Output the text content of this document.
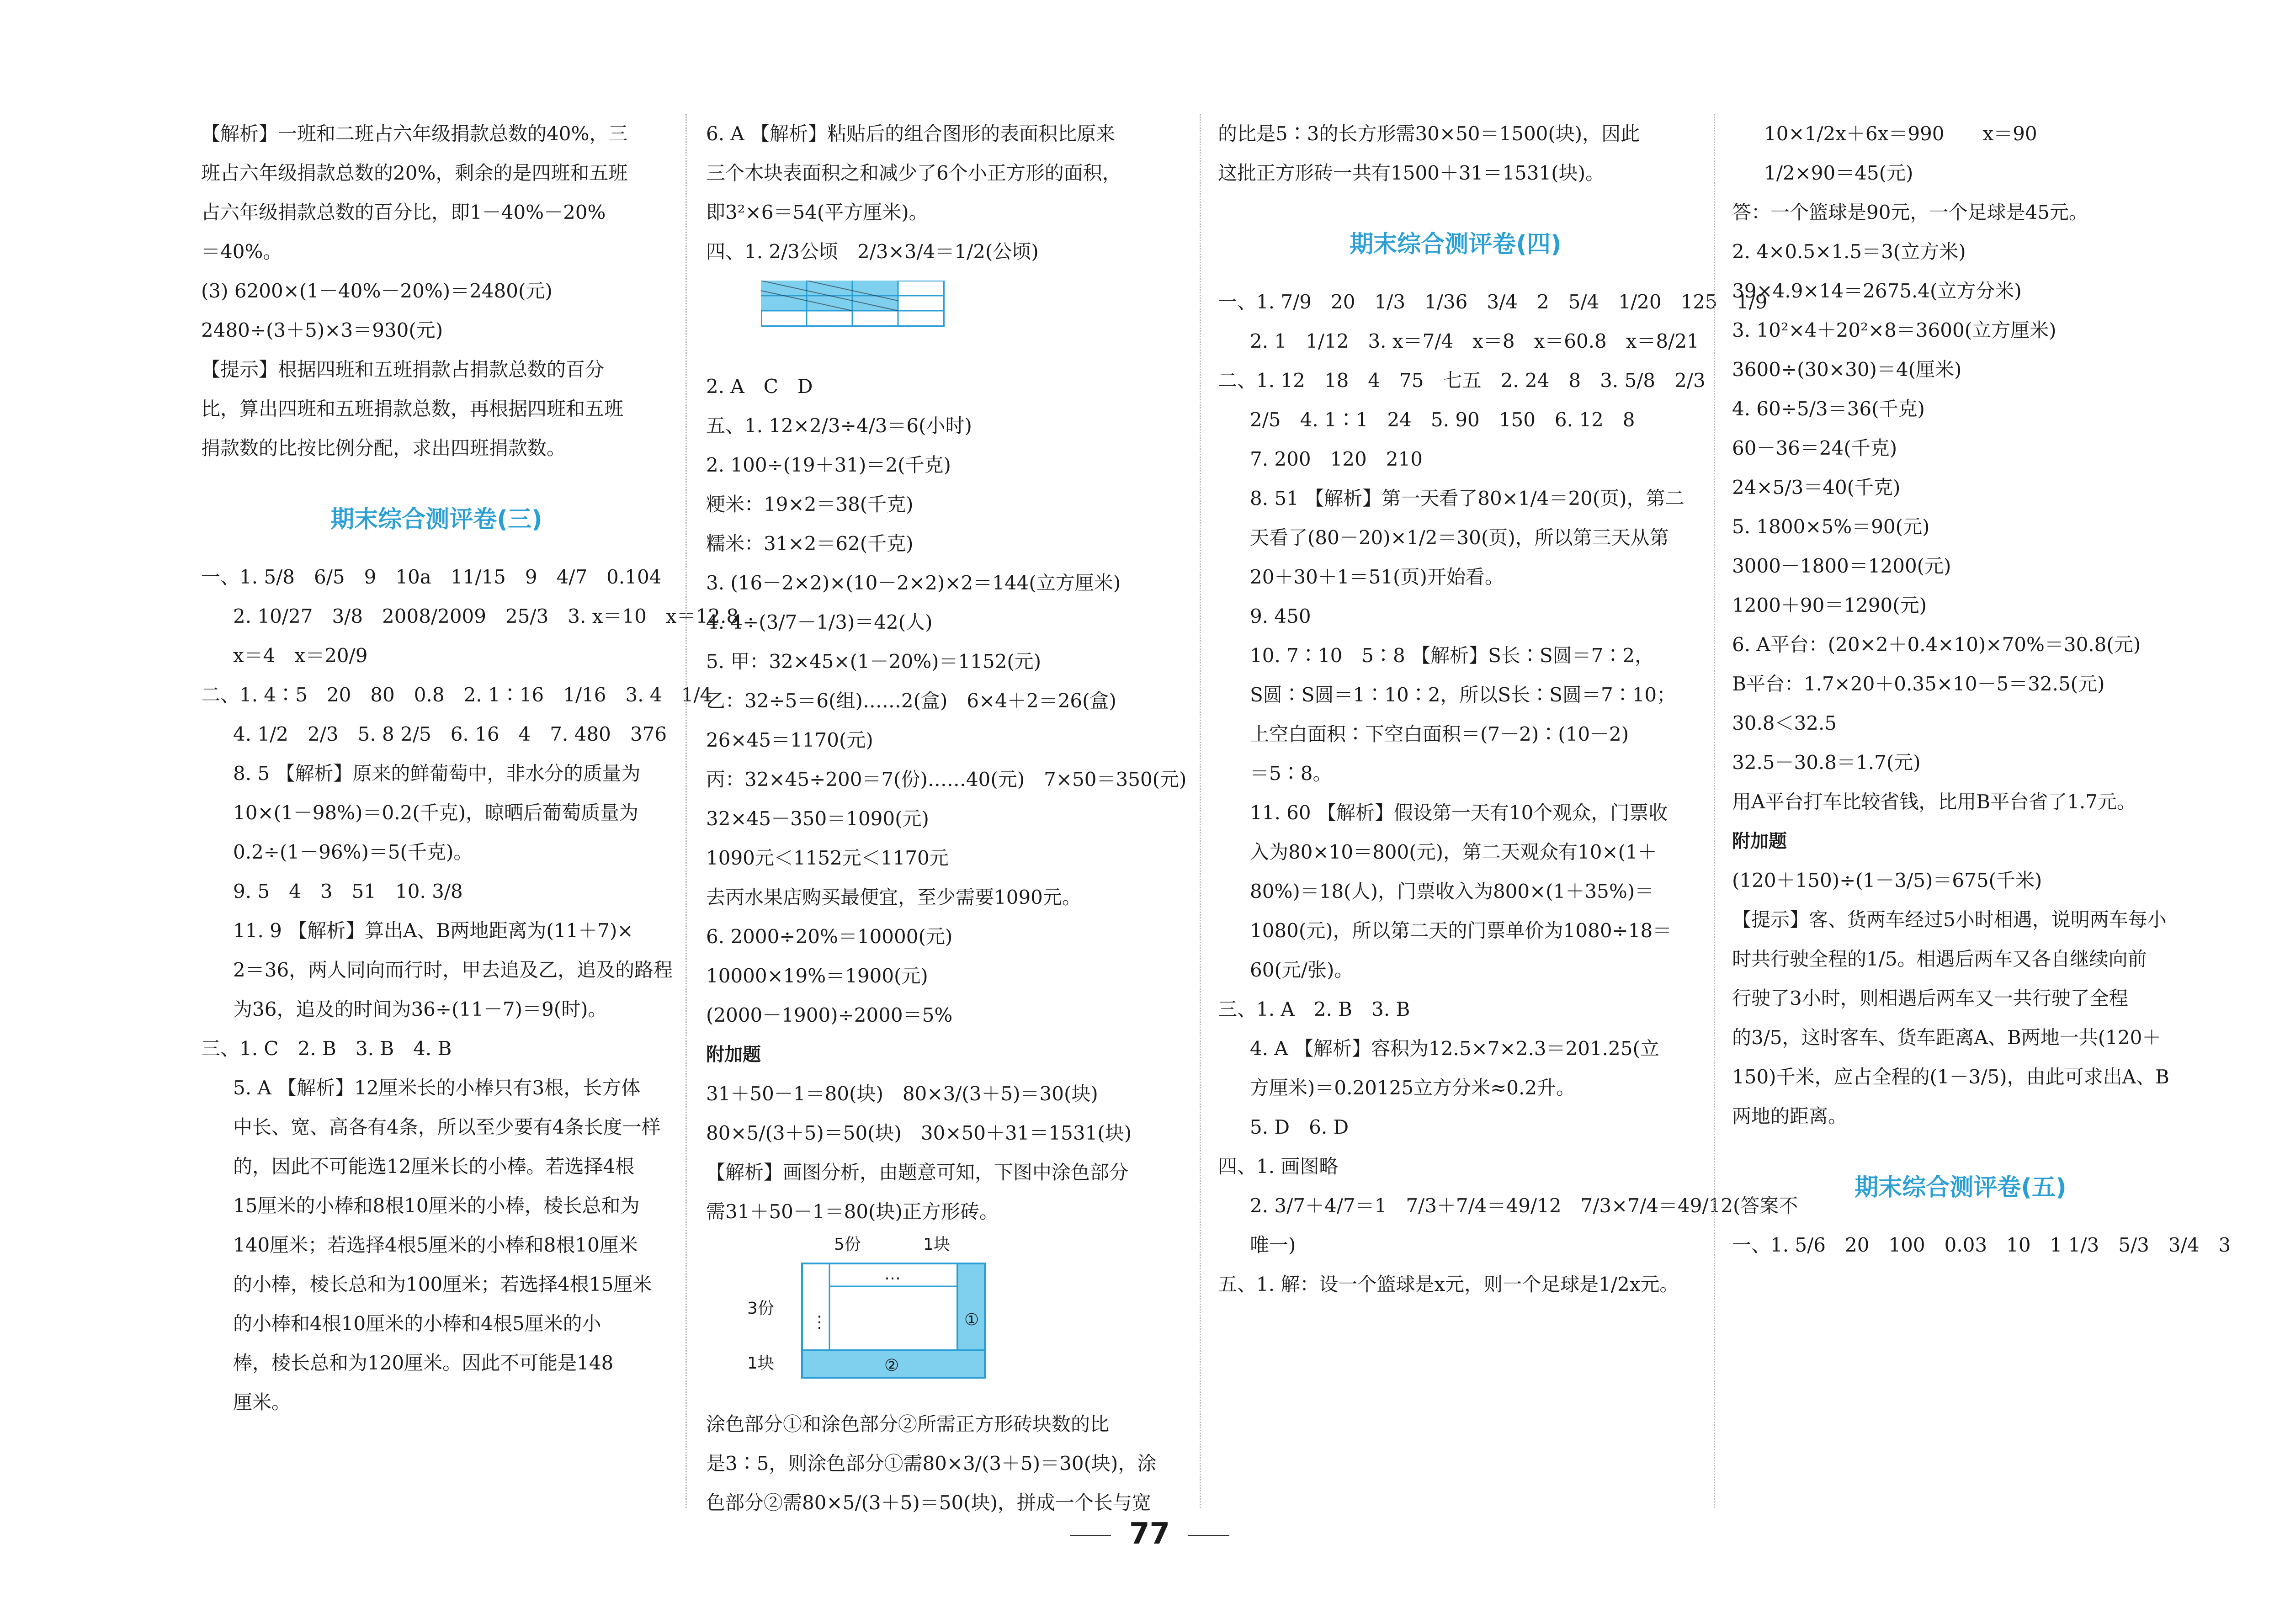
【解析】一班和二班占六年级捐款总数的40%，三
班占六年级捐款总数的20%，剩余的是四班和五班
占六年级捐款总数的百分比，即1－40%－20%
＝40%。
(3) 6200×(1－40%－20%)＝2480(元)
2480÷(3＋5)×3＝930(元)
【提示】根据四班和五班捐款占捐款总数的百分
比，算出四班和五班捐款总数，再根据四班和五班
捐款数的比按比例分配，求出四班捐款数。
期末综合测评卷(三)
一、1. 5/8　6/5　9　10a　11/15　9　4/7　0.104
2. 10/27　3/8　2008/2009　25/3　3. x＝10　x＝12.8
x＝4　x＝20/9
二、1. 4∶5　20　80　0.8　2. 1∶16　1/16　3. 4　1/4
4. 1/2　2/3　5. 8 2/5　6. 16　4　7. 480　376
8. 5 【解析】原来的鲜葡萄中，非水分的质量为
10×(1－98%)＝0.2(千克)，晾晒后葡萄质量为
0.2÷(1－96%)＝5(千克)。
9. 5　4　3　51　10. 3/8
11. 9 【解析】算出A、B两地距离为(11＋7)×
2＝36，两人同向而行时，甲去追及乙，追及的路程
为36，追及的时间为36÷(11－7)＝9(时)。
三、1. C　2. B　3. B　4. B
5. A 【解析】12厘米长的小棒只有3根，长方体
中长、宽、高各有4条，所以至少要有4条长度一样
的，因此不可能选12厘米长的小棒。若选择4根
15厘米的小棒和8根10厘米的小棒，棱长总和为
140厘米；若选择4根5厘米的小棒和8根10厘米
的小棒，棱长总和为100厘米；若选择4根15厘米
的小棒和4根10厘米的小棒和4根5厘米的小
棒，棱长总和为120厘米。因此不可能是148
厘米。
6. A 【解析】粘贴后的组合图形的表面积比原来
三个木块表面积之和减少了6个小正方形的面积，
即3²×6＝54(平方厘米)。
四、1. 2/3公顷　2/3×3/4＝1/2(公顷)
2. A　C　D
五、1. 12×2/3÷4/3＝6(小时)
2. 100÷(19＋31)＝2(千克)
粳米：19×2＝38(千克)
糯米：31×2＝62(千克)
3. (16－2×2)×(10－2×2)×2＝144(立方厘米)
4. 4÷(3/7－1/3)＝42(人)
5. 甲：32×45×(1－20%)＝1152(元)
乙：32÷5＝6(组)……2(盒)　6×4＋2＝26(盒)
26×45＝1170(元)
丙：32×45÷200＝7(份)……40(元)　7×50＝350(元)
32×45－350＝1090(元)
1090元＜1152元＜1170元
去丙水果店购买最便宜，至少需要1090元。
6. 2000÷20%＝10000(元)
10000×19%＝1900(元)
(2000－1900)÷2000＝5%
附加题
31＋50－1＝80(块)　80×3/(3＋5)＝30(块)
80×5/(3＋5)＝50(块)　30×50＋31＝1531(块)
【解析】画图分析，由题意可知，下图中涂色部分
需31＋50－1＝80(块)正方形砖。
5份	1块
3份
1块
①
②
…
⋮
涂色部分①和涂色部分②所需正方形砖块数的比
是3∶5，则涂色部分①需80×3/(3＋5)＝30(块)，涂
色部分②需80×5/(3＋5)＝50(块)，拼成一个长与宽
的比是5∶3的长方形需30×50＝1500(块)，因此
这批正方形砖一共有1500＋31＝1531(块)。
期末综合测评卷(四)
一、1. 7/9　20　1/3　1/36　3/4　2　5/4　1/20　125　1/9
2. 1　1/12　3. x＝7/4　x＝8　x＝60.8　x＝8/21
二、1. 12　18　4　75　七五　2. 24　8　3. 5/8　2/3
2/5　4. 1∶1　24　5. 90　150　6. 12　8
7. 200　120　210
8. 51 【解析】第一天看了80×1/4＝20(页)，第二
天看了(80－20)×1/2＝30(页)，所以第三天从第
20＋30＋1＝51(页)开始看。
9. 450
10. 7∶10　5∶8 【解析】S长∶S圆＝7∶2，
S圆∶S圆＝1∶10∶2，所以S长∶S圆＝7∶10；
上空白面积∶下空白面积＝(7－2)∶(10－2)
＝5∶8。
11. 60 【解析】假设第一天有10个观众，门票收
入为80×10＝800(元)，第二天观众有10×(1＋
80%)＝18(人)，门票收入为800×(1＋35%)＝
1080(元)，所以第二天的门票单价为1080÷18＝
60(元/张)。
三、1. A　2. B　3. B
4. A 【解析】容积为12.5×7×2.3＝201.25(立
方厘米)＝0.20125立方分米≈0.2升。
5. D　6. D
四、1. 画图略
2. 3/7＋4/7＝1　7/3＋7/4＝49/12　7/3×7/4＝49/12(答案不
唯一)
五、1. 解：设一个篮球是x元，则一个足球是1/2x元。
10×1/2x＋6x＝990　　x＝90
1/2×90＝45(元)
答：一个篮球是90元，一个足球是45元。
2. 4×0.5×1.5＝3(立方米)
39×4.9×14＝2675.4(立方分米)
3. 10²×4＋20²×8＝3600(立方厘米)
3600÷(30×30)＝4(厘米)
4. 60÷5/3＝36(千克)
60－36＝24(千克)
24×5/3＝40(千克)
5. 1800×5%＝90(元)
3000－1800＝1200(元)
1200＋90＝1290(元)
6. A平台：(20×2＋0.4×10)×70%＝30.8(元)
B平台：1.7×20＋0.35×10－5＝32.5(元)
30.8＜32.5
32.5－30.8＝1.7(元)
用A平台打车比较省钱，比用B平台省了1.7元。
附加题
(120＋150)÷(1－3/5)＝675(千米)
【提示】客、货两车经过5小时相遇，说明两车每小
时共行驶全程的1/5。相遇后两车又各自继续向前
行驶了3小时，则相遇后两车又一共行驶了全程
的3/5，这时客车、货车距离A、B两地一共(120＋
150)千米，应占全程的(1－3/5)，由此可求出A、B
两地的距离。
期末综合测评卷(五)
一、1. 5/6　20　100　0.03　10　1 1/3　5/3　3/4　3
77
